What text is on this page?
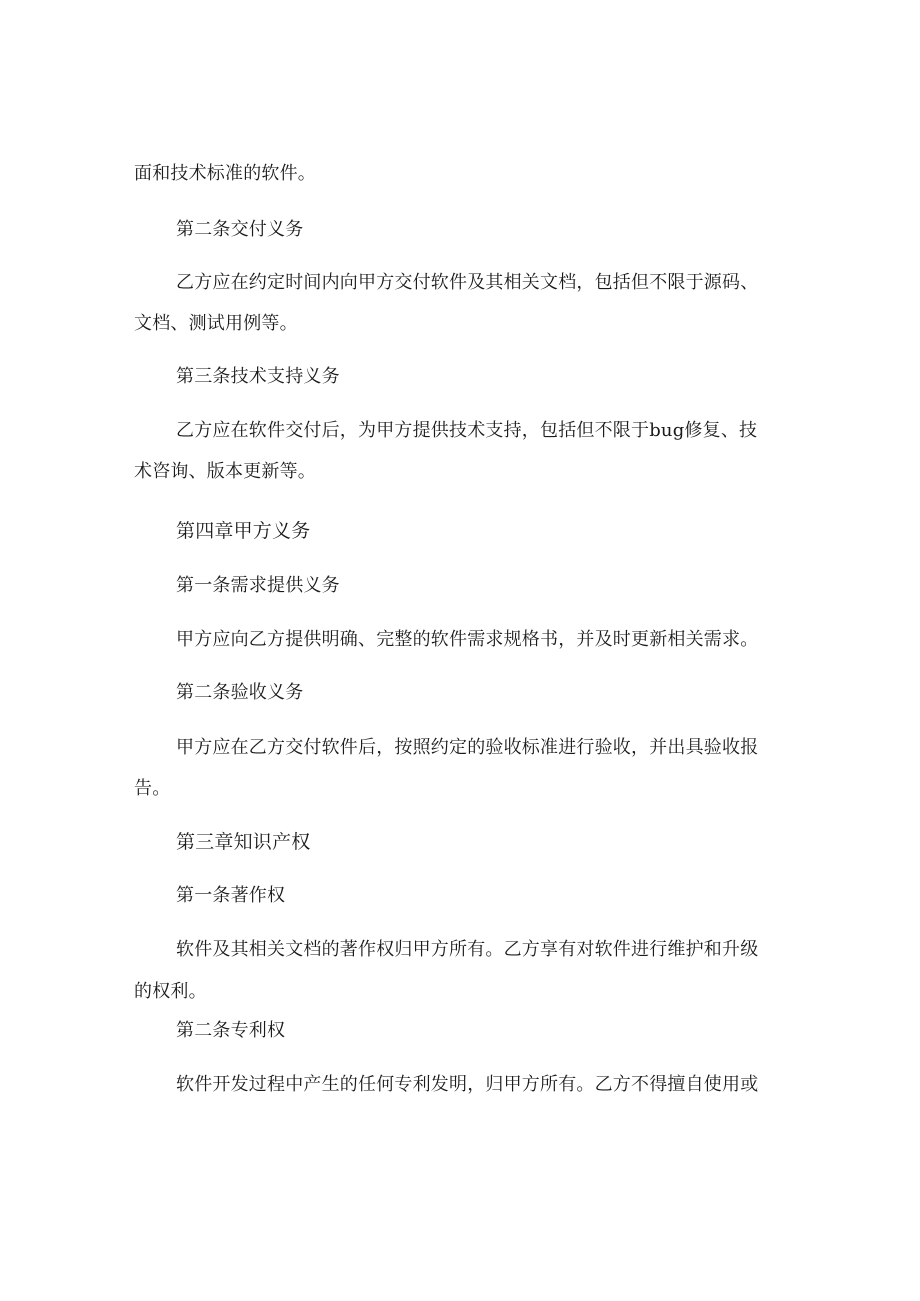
面和技术标准的软件。
第二条交付义务
乙方应在约定时间内向甲方交付软件及其相关文档，包括但不限于源码、
文档、测试用例等。
第三条技术支持义务
乙方应在软件交付后，为甲方提供技术支持，包括但不限于bug修复、技
术咨询、版本更新等。
第四章甲方义务
第一条需求提供义务
甲方应向乙方提供明确、完整的软件需求规格书，并及时更新相关需求。
第二条验收义务
甲方应在乙方交付软件后，按照约定的验收标准进行验收，并出具验收报
告。
第三章知识产权
第一条著作权
软件及其相关文档的著作权归甲方所有。乙方享有对软件进行维护和升级
的权利。
第二条专利权
软件开发过程中产生的任何专利发明，归甲方所有。乙方不得擅自使用或
